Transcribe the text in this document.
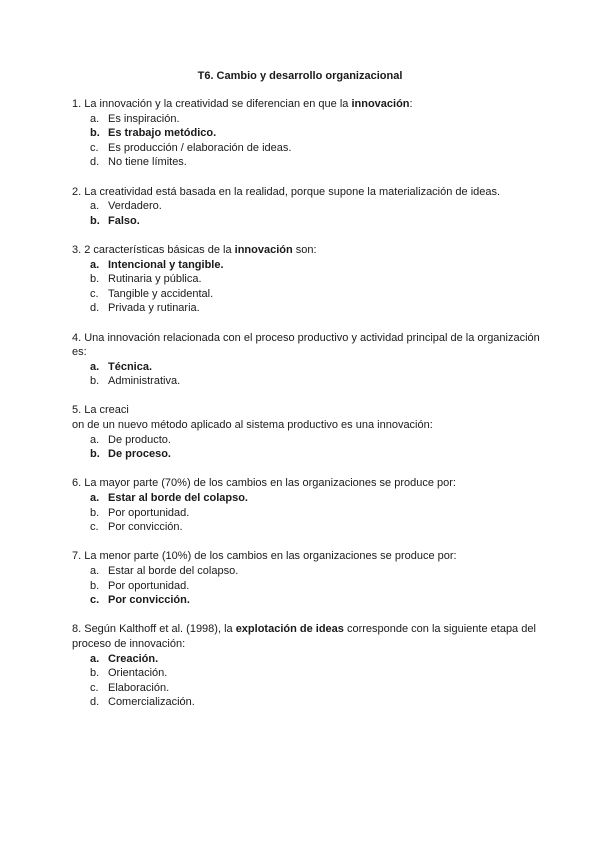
T6. Cambio y desarrollo organizacional

1. La innovación y la creatividad se diferencian en que la innovación:

a. Es inspiración.
b. Es trabajo metódico.
c. Es producción / elaboración de ideas.
d. No tiene límites.

2. La creatividad está basada en la realidad, porque supone la materialización de ideas.

a. Verdadero.
b. Falso.

3. 2 características básicas de la innovación son:

a. Intencional y tangible.
b. Rutinaria y pública.
c. Tangible y accidental.
d. Privada y rutinaria.

4. Una innovación relacionada con el proceso productivo y actividad principal de la organización es:

a. Técnica.
b. Administrativa.

5. La creaci

on de un nuevo método aplicado al sistema productivo es una innovación:

a. De producto.
b. De proceso.

6. La mayor parte (70%) de los cambios en las organizaciones se produce por:

a. Estar al borde del colapso.
b. Por oportunidad.
c. Por convicción.

7. La menor parte (10%) de los cambios en las organizaciones se produce por:

a. Estar al borde del colapso.
b. Por oportunidad.
c. Por convicción.

8. Según Kalthoff et al. (1998), la explotación de ideas corresponde con la siguiente etapa del proceso de innovación:

a. Creación.
b. Orientación.
c. Elaboración.
d. Comercialización.
